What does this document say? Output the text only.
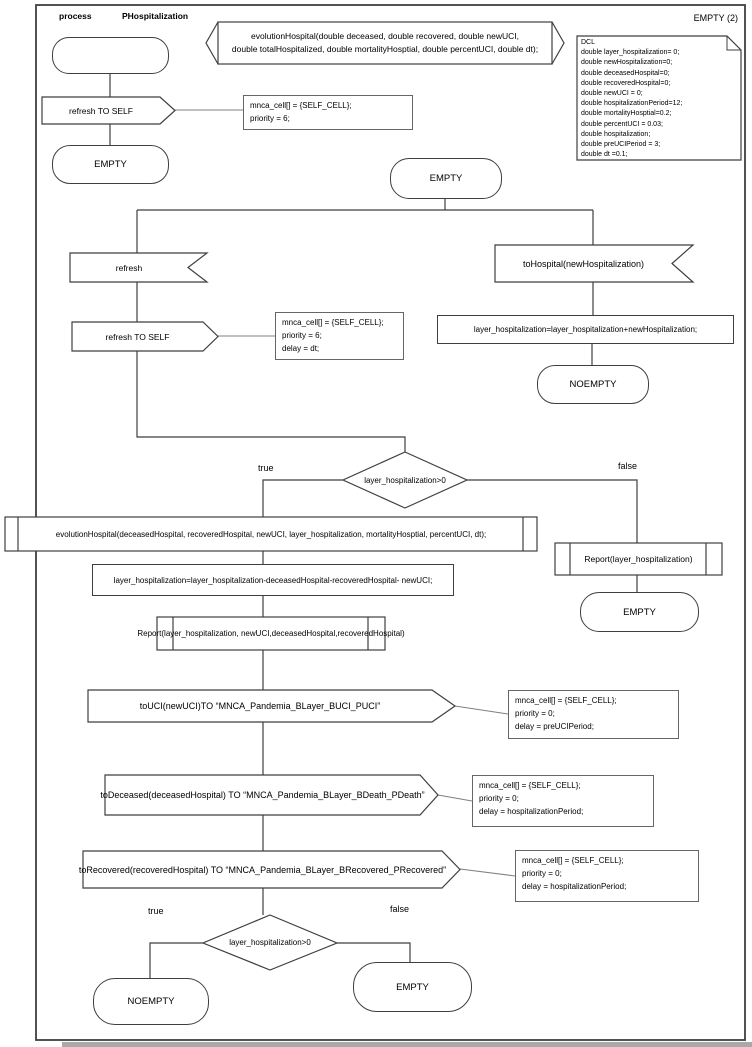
process	PHospitalization	EMPTY (2)
evolutionHospital(double deceased, double recovered, double newUCI,
double totalHospitalized, double mortalityHosptial, double percentUCI, double dt);
DCL
double layer_hospitalization= 0;
double newHospitalization=0;
double deceasedHospital=0;
double recoveredHospital=0;
double newUCI = 0;
double hospitalizationPeriod=12;
double mortalityHosptial=0.2;
double percentUCI = 0.03;
double hospitalization;
double preUCIPeriod = 3;
double dt =0.1;
EMPTY
EMPTY
NOEMPTY
EMPTY
NOEMPTY
EMPTY
refresh TO SELF
refresh
refresh TO SELF
toHospital(newHospitalization)
toUCI(newUCI)TO “MNCA_Pandemia_BLayer_BUCI_PUCI”
toDeceased(deceasedHospital) TO “MNCA_Pandemia_BLayer_BDeath_PDeath”
toRecovered(recoveredHospital) TO “MNCA_Pandemia_BLayer_BRecovered_PRecovered”
layer_hospitalization=layer_hospitalization+newHospitalization;
layer_hospitalization=layer_hospitalization-deceasedHospital-recoveredHospital- newUCI;
evolutionHospital(deceasedHospital, recoveredHospital, newUCI, layer_hospitalization, mortalityHosptial, percentUCI, dt);
Report(layer_hospitalization, newUCI,deceasedHospital,recoveredHospital)
Report(layer_hospitalization)
layer_hospitalization>0
true	false
layer_hospitalization>0
true	false
mnca_cell[] = {SELF_CELL};
priority = 6;
mnca_cell[] = {SELF_CELL};
priority = 6;
delay = dt;
mnca_cell[] = {SELF_CELL};
priority = 0;
delay = preUCIPeriod;
mnca_cell[] = {SELF_CELL};
priority = 0;
delay = hospitalizationPeriod;
mnca_cell[] = {SELF_CELL};
priority = 0;
delay = hospitalizationPeriod;
